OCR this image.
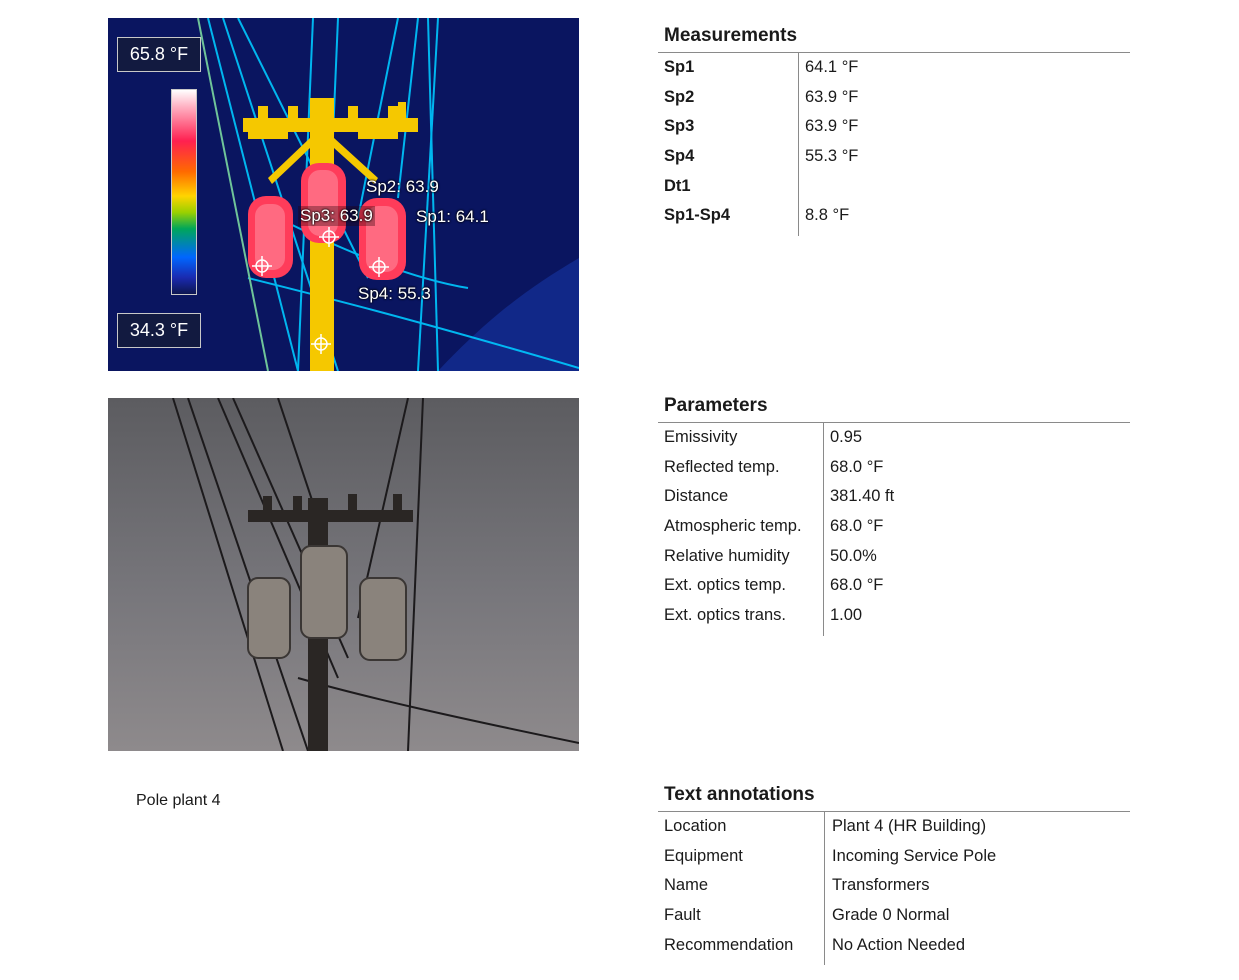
65.8 °F
34.3 °F
Sp1: 64.1
Sp2: 63.9
Sp3: 63.9
Sp4: 55.3
Pole plant 4
Measurements
Sp1	64.1 °F
Sp2	63.9 °F
Sp3	63.9 °F
Sp4	55.3 °F
Dt1
Sp1-Sp4	8.8 °F
Parameters
Emissivity	0.95
Reflected temp.	68.0 °F
Distance	381.40 ft
Atmospheric temp. 68.0 °F
Relative humidity 50.0%
Ext. optics temp.	68.0 °F
Ext. optics trans.	1.00
Text annotations
Location	Plant 4 (HR Building)
Equipment	Incoming Service Pole
Name	Transformers
Fault	Grade 0 Normal
Recommendation No Action Needed
